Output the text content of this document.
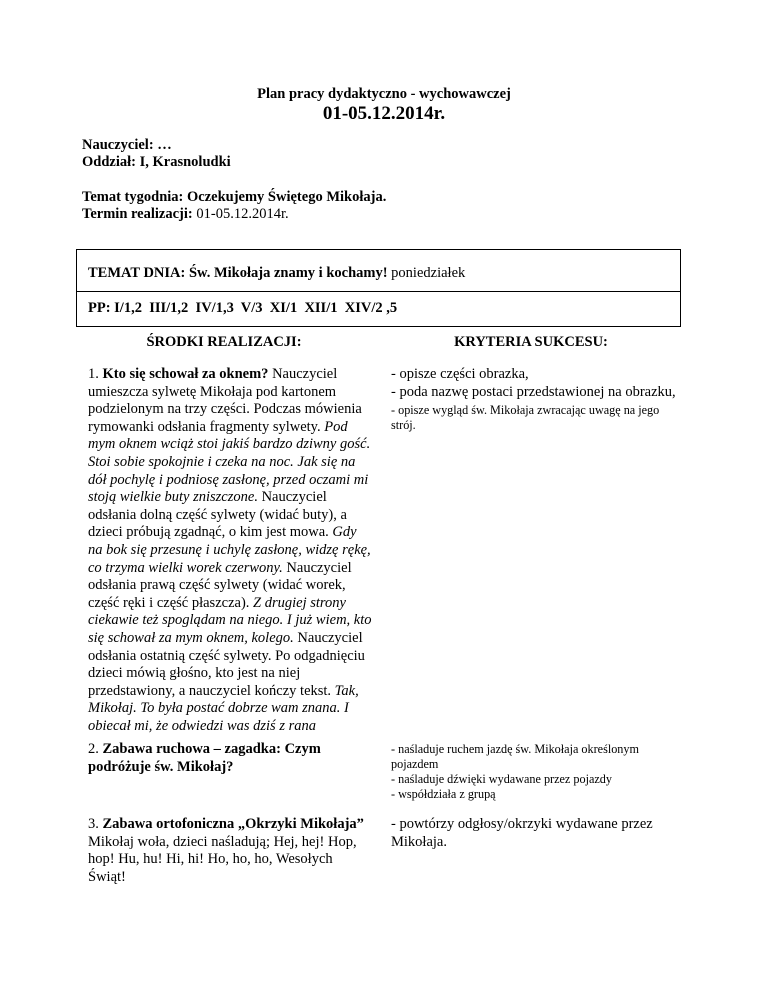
Plan pracy dydaktyczno - wychowawczej
01-05.12.2014r.
Nauczyciel: …
Oddział: I, Krasnoludki
Temat tygodnia: Oczekujemy Świętego Mikołaja.
Termin realizacji: 01-05.12.2014r.
TEMAT DNIA: Św. Mikołaja znamy i kochamy! poniedziałek
PP: I/1,2  III/1,2  IV/1,3  V/3  XI/1  XII/1  XIV/2 ,5
ŚRODKI REALIZACJI:	KRYTERIA SUKCESU:
1. Kto się schował za oknem? Nauczyciel umieszcza sylwetę Mikołaja pod kartonem podzielonym na trzy części. Podczas mówienia rymowanki odsłania fragmenty sylwety. Pod mym oknem wciąż stoi jakiś bardzo dziwny gość. Stoi sobie spokojnie i czeka na noc. Jak się na dół pochylę i podniosę zasłonę, przed oczami mi stoją wielkie buty zniszczone. Nauczyciel odsłania dolną część sylwety (widać buty), a dzieci próbują zgadnąć, o kim jest mowa. Gdy na bok się przesunę i uchylę zasłonę, widzę rękę, co trzyma wielki worek czerwony. Nauczyciel odsłania prawą część sylwety (widać worek, część ręki i część płaszcza). Z drugiej strony ciekawie też spoglądam na niego. I już wiem, kto się schował za mym oknem, kolego. Nauczyciel odsłania ostatnią część sylwety. Po odgadnięciu dzieci mówią głośno, kto jest na niej przedstawiony, a nauczyciel kończy tekst. Tak, Mikołaj. To była postać dobrze wam znana. I obiecał mi, że odwiedzi was dziś z rana

- opisze części obrazka,

- poda nazwę postaci przedstawionej na obrazku,

- opisze wygląd św. Mikołaja zwracając uwagę na jego strój.

2. Zabawa ruchowa – zagadka: Czym podróżuje św. Mikołaj?

- naśladuje ruchem jazdę św. Mikołaja określonym pojazdem

- naśladuje dźwięki wydawane przez pojazdy

- współdziała z grupą

3. Zabawa ortofoniczna „Okrzyki Mikołaja” Mikołaj woła, dzieci naśladują; Hej, hej! Hop, hop! Hu, hu! Hi, hi! Ho, ho, ho, Wesołych Świąt!

- powtórzy odgłosy/okrzyki wydawane przez Mikołaja.
